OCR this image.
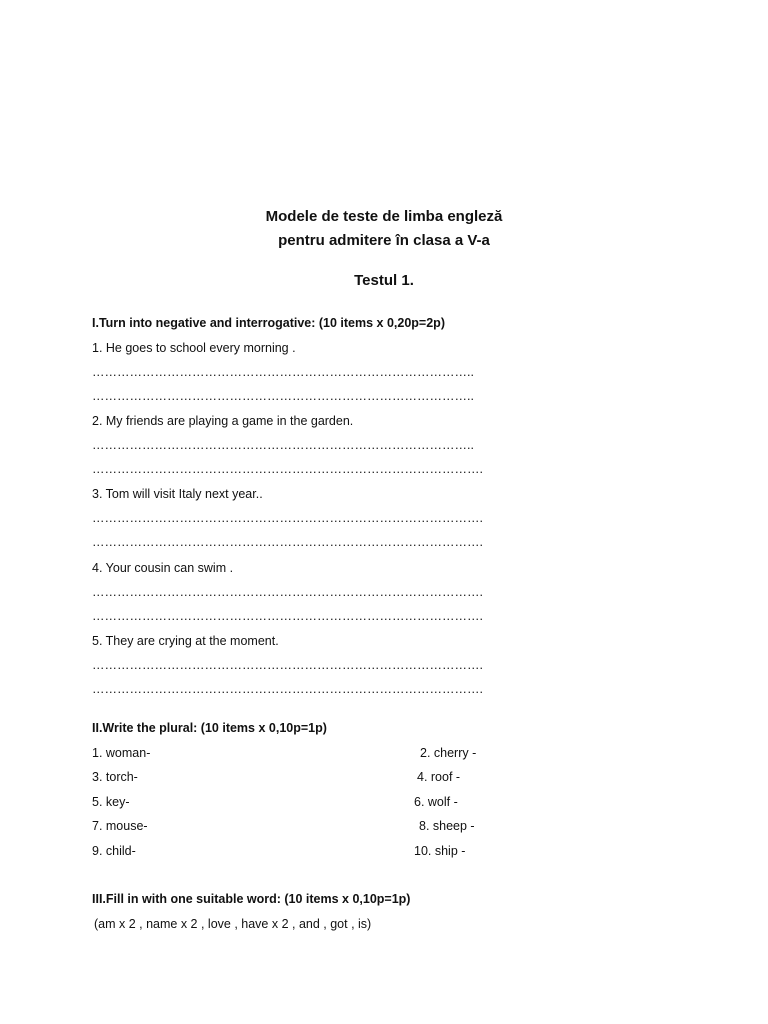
Modele de teste de limba engleză
pentru admitere în clasa a V-a
Testul 1.
I.Turn into negative and interrogative: (10 items x 0,20p=2p)
1. He goes to school every morning .
………………………………………………………………………………..
………………………………………………………………………………..
2. My friends are playing a game in the garden.
………………………………………………………………………………..
………………………………………………………………………………….
3. Tom will visit Italy next year..
………………………………………………………………………………….
………………………………………………………………………………….
4. Your cousin can swim .
………………………………………………………………………………….
………………………………………………………………………………….
5. They are crying at the moment.
………………………………………………………………………………….
………………………………………………………………………………….
II.Write the plural: (10 items x 0,10p=1p)
1. woman-	2. cherry -
3. torch-	4. roof -
5. key-	6. wolf -
7. mouse-	8. sheep -
9. child-	10. ship -
III.Fill in with one suitable word: (10 items x 0,10p=1p)
(am x 2 , name x 2 , love , have x 2 , and , got , is)
